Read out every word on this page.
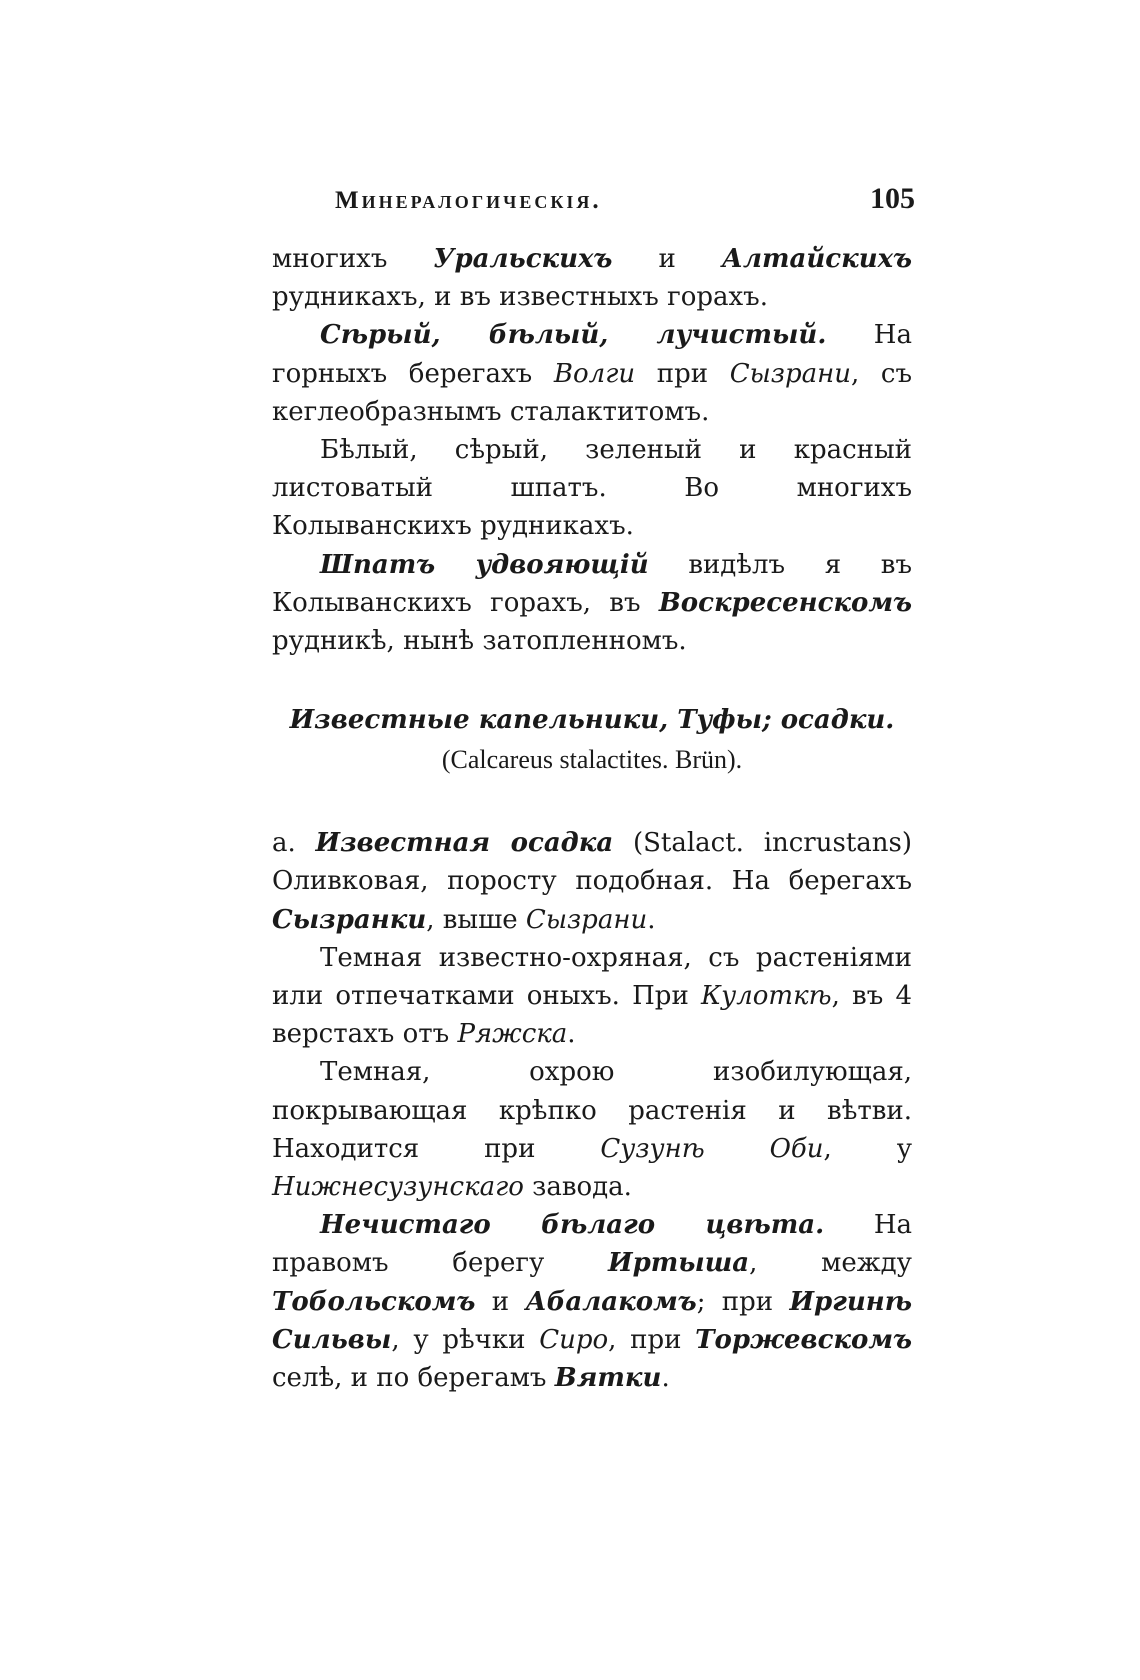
Минералогическія.	105

многихъ Уральскихъ и Алтайскихъ рудникахъ, и въ известныхъ горахъ.

Сѣрый, бѣлый, лучистый. На горныхъ берегахъ Волги при Сызрани, съ кеглеобразнымъ сталактитомъ.

Бѣлый, сѣрый, зеленый и красный листоватый шпатъ. Во многихъ Колыванскихъ рудникахъ.

Шпатъ удвояющій видѣлъ я въ Колыванскихъ горахъ, въ Воскресенскомъ рудникѣ, нынѣ затопленномъ.

Известные капельники, Туфы; осадки.
(Calcareus stalactites. Brün).

а. Известная осадка (Stalact. incrustans) Оливковая, поросту подобная. На берегахъ Сызранки, выше Сызрани.

Темная известно-охряная, съ растеніями или отпечатками оныхъ. При Кулоткѣ, въ 4 верстахъ отъ Ряжска.

Темная, охрою изобилующая, покрывающая крѣпко растенія и вѣтви. Находится при Сузунѣ Оби, у Нижнесузунскаго завода.

Нечистаго бѣлаго цвѣта. На правомъ берегу Иртыша, между Тобольскомъ и Абалакомъ; при Иргинѣ Сильвы, у рѣчки Сиро, при Торжевскомъ селѣ, и по берегамъ Вятки.
